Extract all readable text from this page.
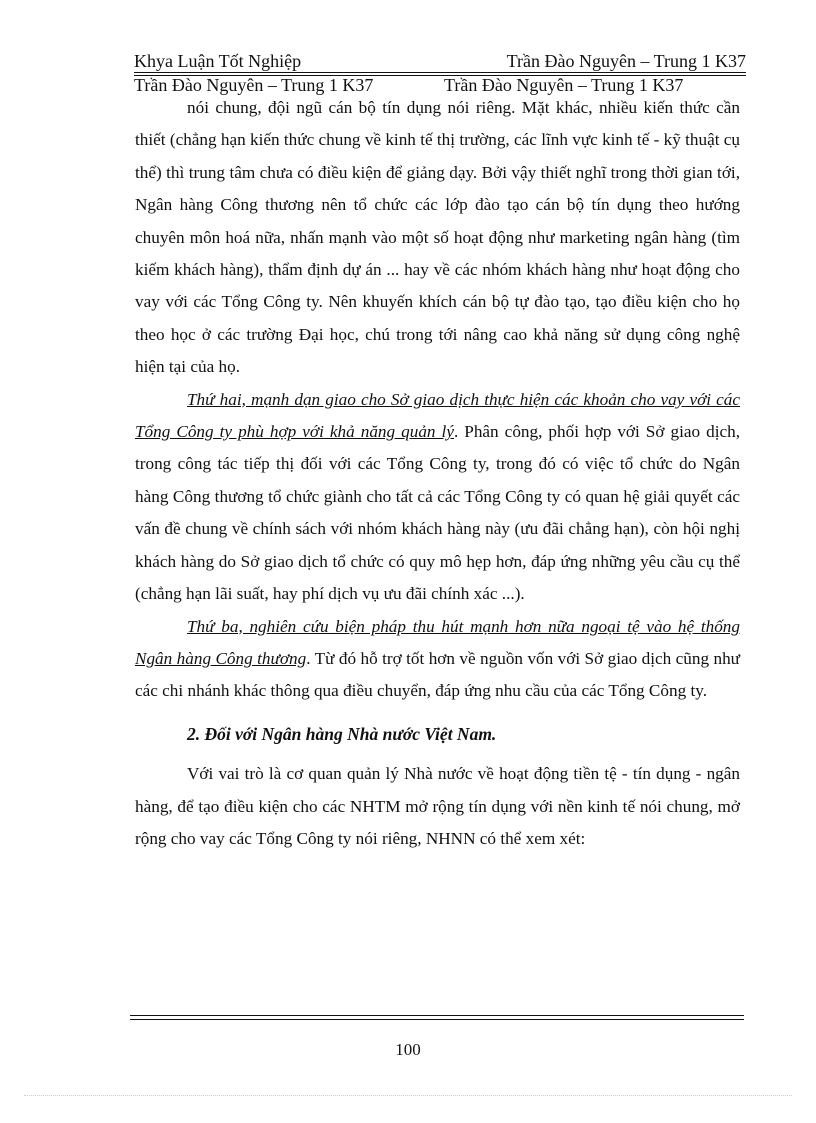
Khya Luận Tốt Nghiệp	Trần Đào Nguyên – Trung 1 K37
Trần Đào Nguyên – Trung 1 K37	Trần Đào Nguyên – Trung 1 K37

nói chung, đội ngũ cán bộ tín dụng nói riêng. Mặt khác, nhiều kiến thức cần thiết (chẳng hạn kiến thức chung về kinh tế thị trường, các lĩnh vực kinh tế - kỹ thuật cụ thể) thì trung tâm chưa có điều kiện để giảng dạy. Bởi vậy thiết nghĩ trong thời gian tới, Ngân hàng Công thương nên tổ chức các lớp đào tạo cán bộ tín dụng theo hướng chuyên môn hoá nữa, nhấn mạnh vào một số hoạt động như marketing ngân hàng (tìm kiếm khách hàng), thẩm định dự án ... hay về các nhóm khách hàng như hoạt động cho vay với các Tổng Công ty. Nên khuyến khích cán bộ tự đào tạo, tạo điều kiện cho họ theo học ở các trường Đại học, chú trong tới nâng cao khả năng sử dụng công nghệ hiện tại của họ.

Thứ hai, mạnh dạn giao cho Sở giao dịch thực hiện các khoản cho vay với các Tổng Công ty phù hợp với khả năng quản lý. Phân công, phối hợp với Sở giao dịch, trong công tác tiếp thị đối với các Tổng Công ty, trong đó có việc tổ chức do Ngân hàng Công thương tổ chức giành cho tất cả các Tổng Công ty có quan hệ giải quyết các vấn đề chung về chính sách với nhóm khách hàng này (ưu đãi chẳng hạn), còn hội nghị khách hàng do Sở giao dịch tổ chức có quy mô hẹp hơn, đáp ứng những yêu cầu cụ thể (chẳng hạn lãi suất, hay phí dịch vụ ưu đãi chính xác ...).

Thứ ba, nghiên cứu biện pháp thu hút mạnh hơn nữa ngoại tệ vào hệ thống Ngân hàng Công thương. Từ đó hỗ trợ tốt hơn về nguồn vốn với Sở giao dịch cũng như các chi nhánh khác thông qua điều chuyển, đáp ứng nhu cầu của các Tổng Công ty.

2. Đối với Ngân hàng Nhà nước Việt Nam.

Với vai trò là cơ quan quản lý Nhà nước về hoạt động tiền tệ - tín dụng - ngân hàng, để tạo điều kiện cho các NHTM mở rộng tín dụng với nền kinh tế nói chung, mở rộng cho vay các Tổng Công ty nói riêng, NHNN có thể xem xét:

100
